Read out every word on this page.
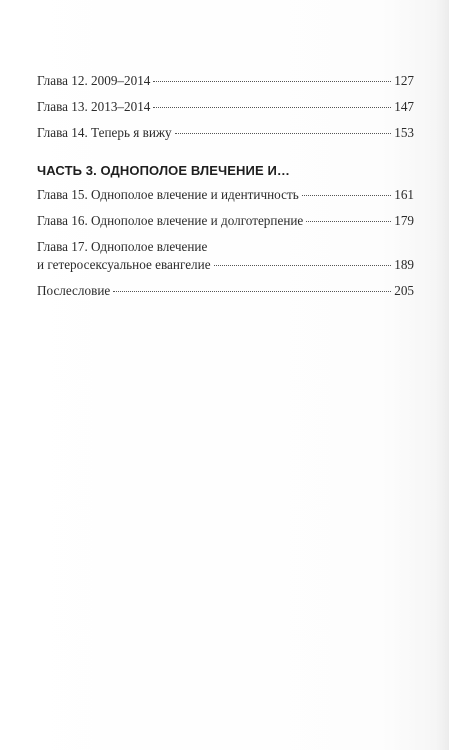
Глава 12. 2009–2014	127
Глава 13. 2013–2014	147
Глава 14. Теперь я вижу	153
ЧАСТЬ 3. ОДНОПОЛОЕ ВЛЕЧЕНИЕ И…
Глава 15. Однополое влечение и идентичность	161
Глава 16. Однополое влечение и долготерпение	179
Глава 17. Однополое влечение
и гетеросексуальное евангелие	189
Послесловие	205
